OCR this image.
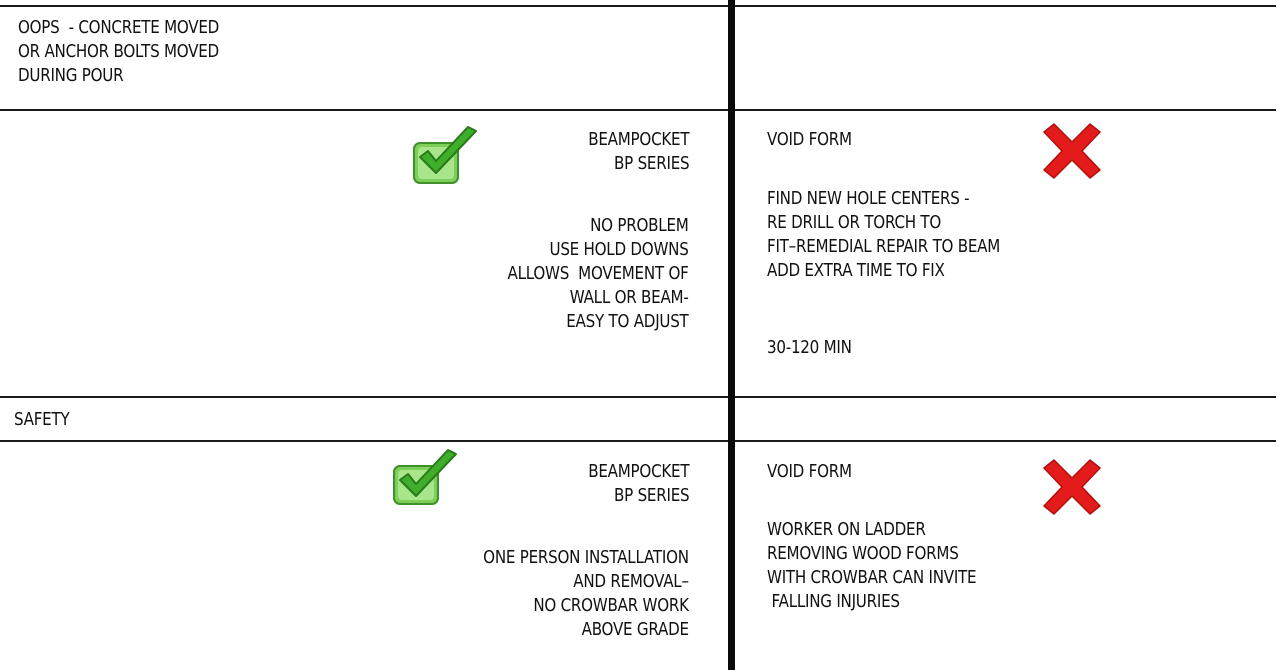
OOPS  - CONCRETE MOVED
OR ANCHOR BOLTS MOVED
DURING POUR
BEAMPOCKET
BP SERIES
NO PROBLEM
USE HOLD DOWNS
ALLOWS  MOVEMENT OF
WALL OR BEAM-
EASY TO ADJUST
VOID FORM
FIND NEW HOLE CENTERS -
RE DRILL OR TORCH TO
FIT–REMEDIAL REPAIR TO BEAM
ADD EXTRA TIME TO FIX
30-120 MIN
SAFETY
BEAMPOCKET
BP SERIES
ONE PERSON INSTALLATION
AND REMOVAL–
NO CROWBAR WORK
ABOVE GRADE
VOID FORM
WORKER ON LADDER
REMOVING WOOD FORMS
WITH CROWBAR CAN INVITE
FALLING INJURIES
